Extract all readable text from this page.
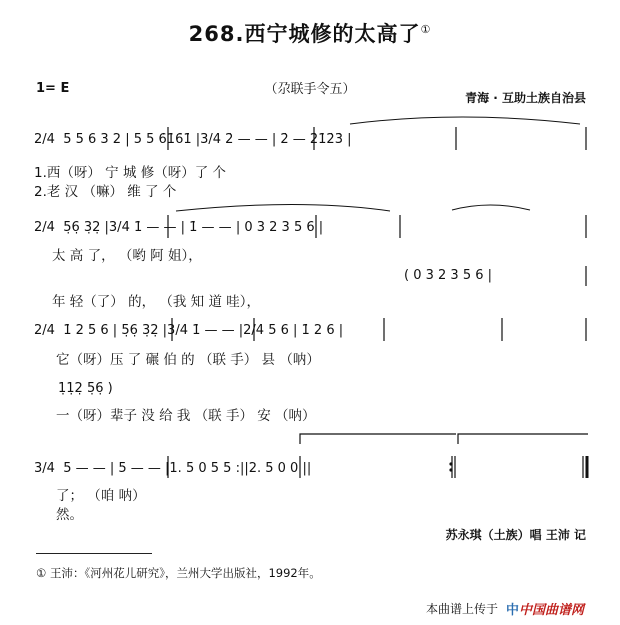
268.西宁城修的太高了①
1= E	（尕联手令五）
青海 · 互助土族自治县
2/4 5 5 6 3 2 | 5 5 6̇1̇6̇1̇ |3/4 2̇ — — | 2̇ — 2̇1̇2̇3̇ |
1.西（呀） 宁 城 修（呀）了 个
2.老 汉 （嘛） 维 了 个
2/4 5̣6̣ 3̣2̣ |3/4 1̇ — — | 1̇ — — | 0 3 2 3 5 6 |
太 高 了， （哟 阿 姐），
( 0 3 2 3 5 6 |
年 轻（了） 的， （我 知 道 哇），
2/4 1̇ 2 5 6 | 5̣6̣ 3̣2̣ |3/4 1̇ — — |2/4 5 6 | 1̇ 2 6 |
它（呀）压 了 碾 伯 的 （联 手） 县 （呐）
1̣1̣2̣ 5̣6̣ )
一（呀）辈子 没 给 我 （联 手） 安 （呐）
3/4 5 — — | 5 — — |1. 5 0 5 5 :||2. 5 0 0 ||
了； （咱 呐）
然。
苏永琪（土族）唱 王沛 记
① 王沛：《河州花儿研究》，兰州大学出版社，1992年。
本曲谱上传于 中中国曲谱网
